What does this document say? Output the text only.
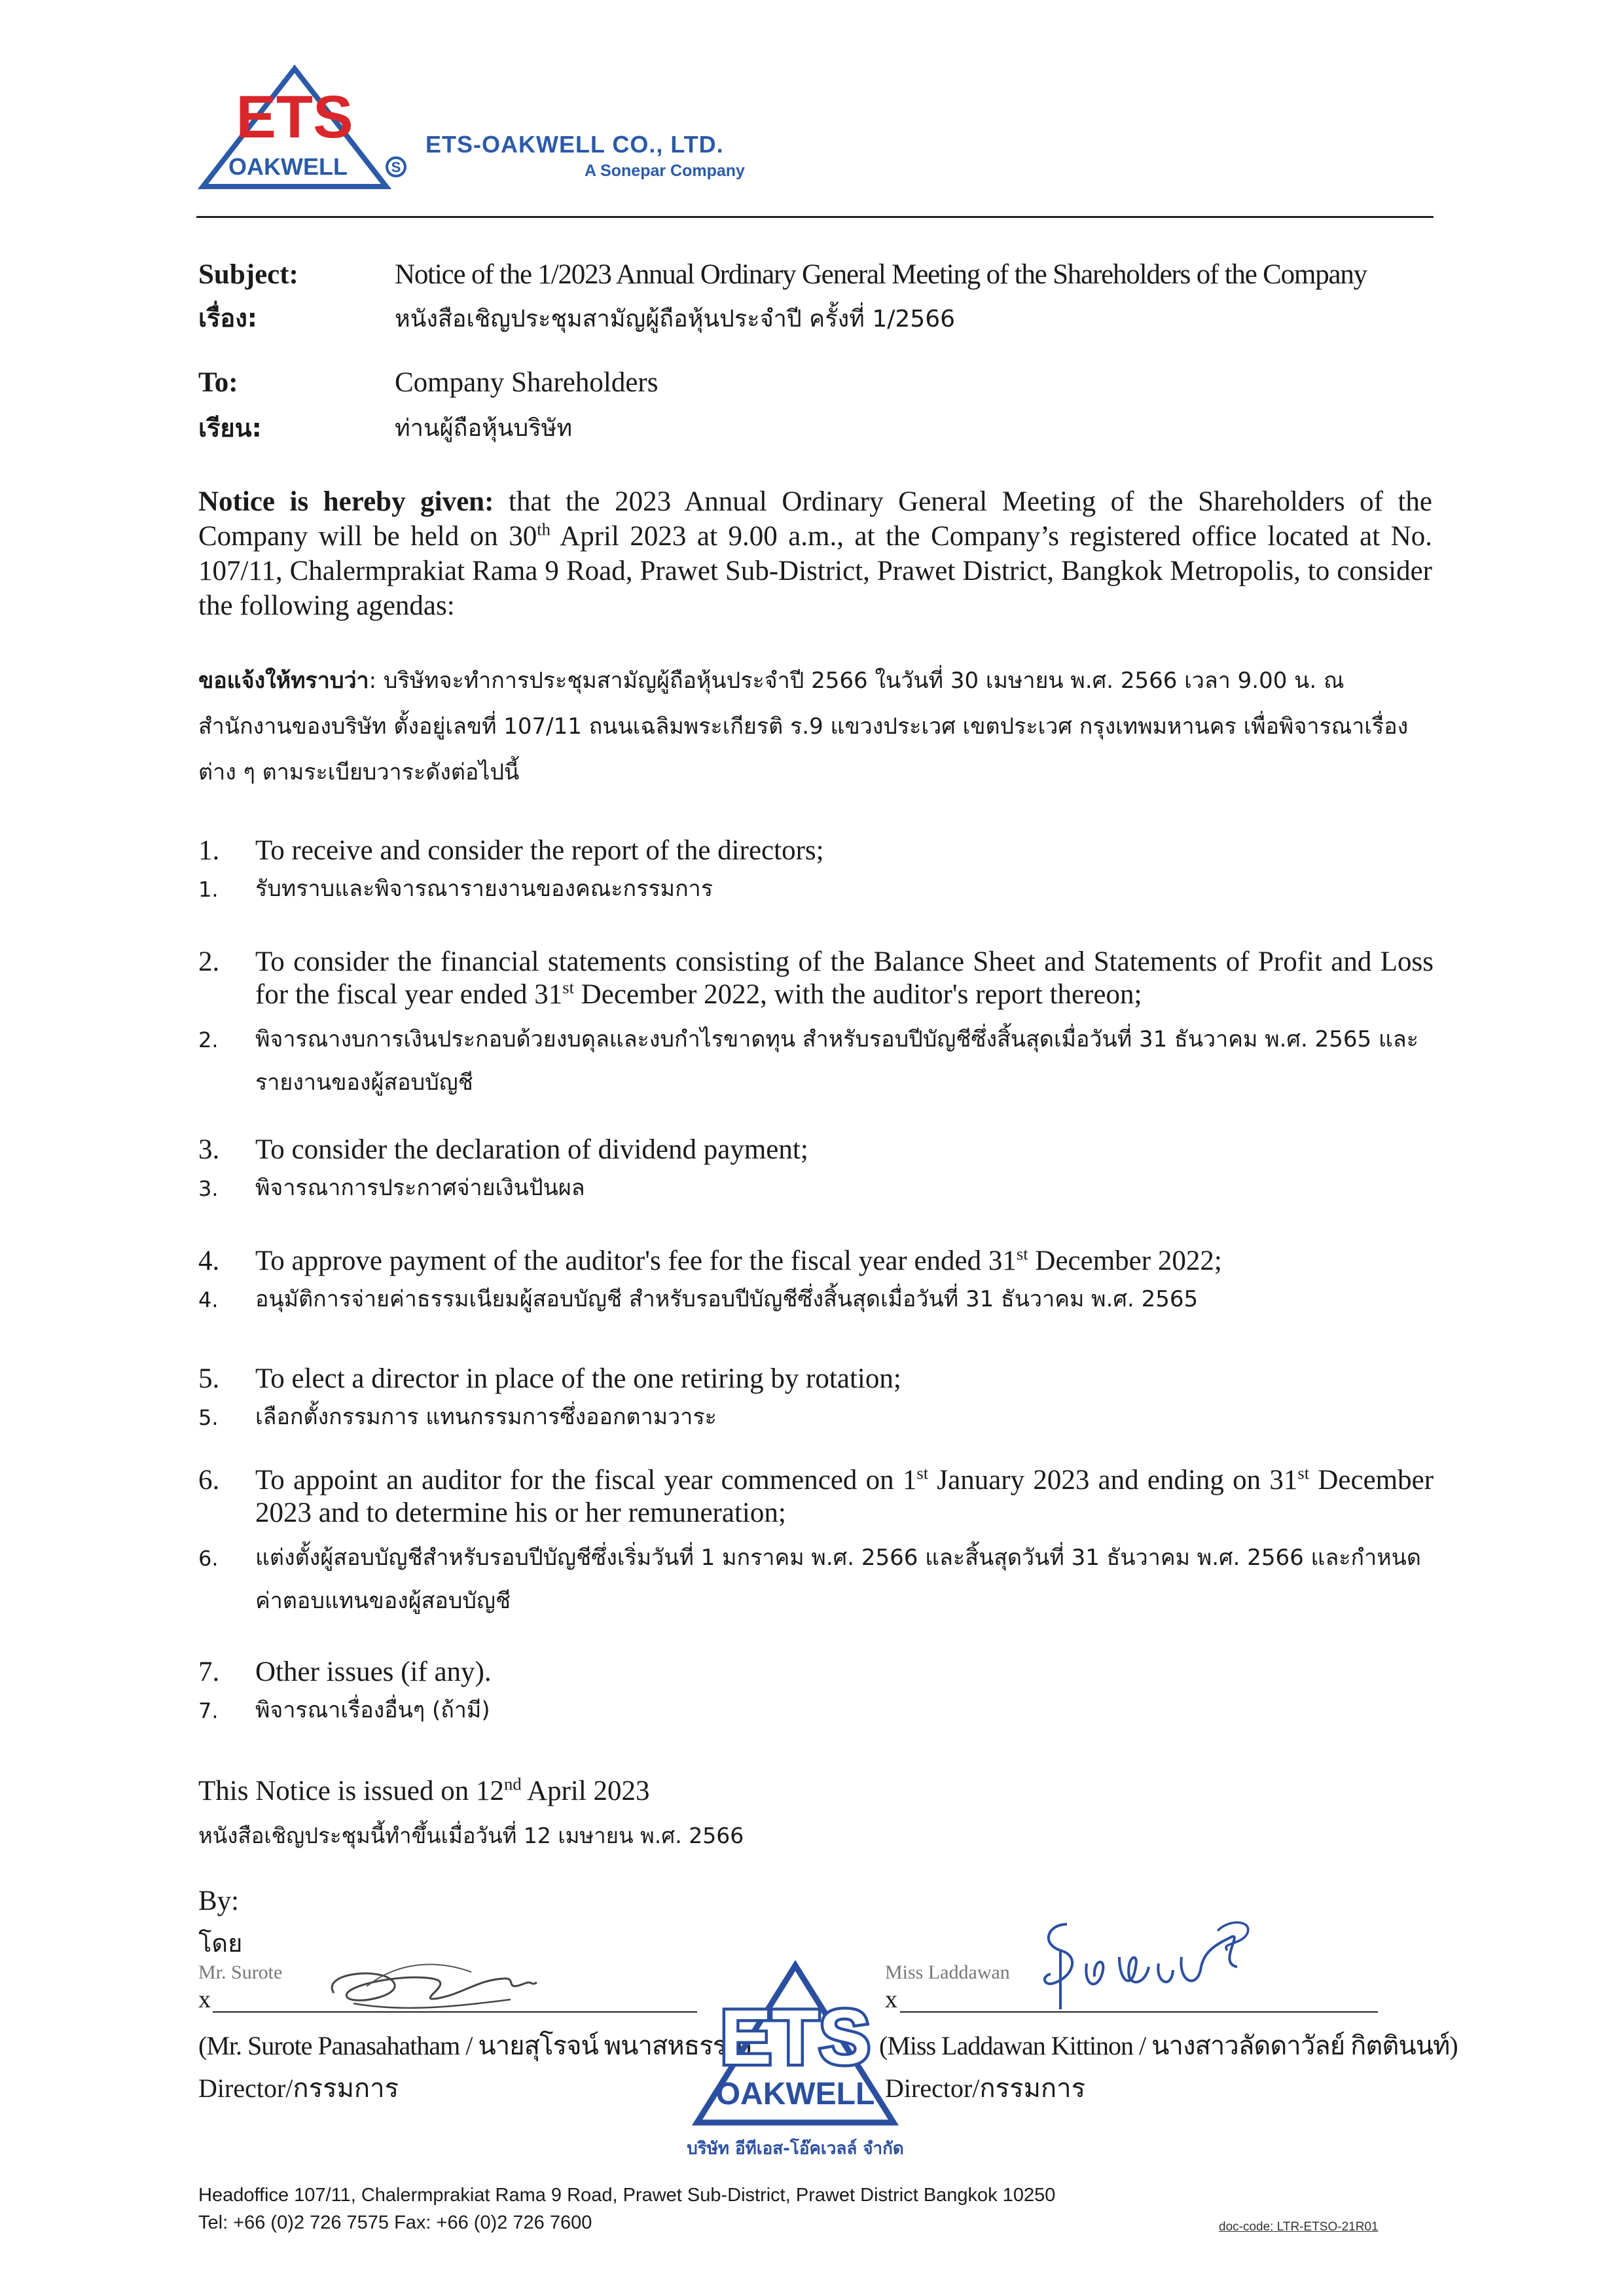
ETS
OAKWELL	S
ETS-OAKWELL CO., LTD.
A Sonepar Company
Subject:	Notice of the 1/2023 Annual Ordinary General Meeting of the Shareholders of the Company
เรื่อง:	หนังสือเชิญประชุมสามัญผู้ถือหุ้นประจำปี ครั้งที่ 1/2566
To:	Company Shareholders
เรียน:	ท่านผู้ถือหุ้นบริษัท
Notice is hereby given: that the 2023 Annual Ordinary General Meeting of the Shareholders of the Company will be held on 30th April 2023 at 9.00 a.m., at the Company’s registered office located at No. 107/11, Chalermprakiat Rama 9 Road, Prawet Sub-District, Prawet District, Bangkok Metropolis, to consider the following agendas:
ขอแจ้งให้ทราบว่า: บริษัทจะทำการประชุมสามัญผู้ถือหุ้นประจำปี 2566 ในวันที่ 30 เมษายน พ.ศ. 2566 เวลา 9.00 น. ณ สำนักงานของบริษัท ตั้งอยู่เลขที่ 107/11 ถนนเฉลิมพระเกียรติ ร.9 แขวงประเวศ เขตประเวศ กรุงเทพมหานคร เพื่อพิจารณาเรื่องต่าง ๆ ตามระเบียบวาระดังต่อไปนี้
1. To receive and consider the report of the directors;
1. รับทราบและพิจารณารายงานของคณะกรรมการ
2. To consider the financial statements consisting of the Balance Sheet and Statements of Profit and Loss for the fiscal year ended 31st December 2022, with the auditor's report thereon;
2. พิจารณางบการเงินประกอบด้วยงบดุลและงบกำไรขาดทุน สำหรับรอบปีบัญชีซึ่งสิ้นสุดเมื่อวันที่ 31 ธันวาคม พ.ศ. 2565 และรายงานของผู้สอบบัญชี
3. To consider the declaration of dividend payment;
3. พิจารณาการประกาศจ่ายเงินปันผล
4. To approve payment of the auditor's fee for the fiscal year ended 31st December 2022;
4. อนุมัติการจ่ายค่าธรรมเนียมผู้สอบบัญชี สำหรับรอบปีบัญชีซึ่งสิ้นสุดเมื่อวันที่ 31 ธันวาคม พ.ศ. 2565
5. To elect a director in place of the one retiring by rotation;
5. เลือกตั้งกรรมการ แทนกรรมการซึ่งออกตามวาระ
6. To appoint an auditor for the fiscal year commenced on 1st January 2023 and ending on 31st December 2023 and to determine his or her remuneration;
6. แต่งตั้งผู้สอบบัญชีสำหรับรอบปีบัญชีซึ่งเริ่มวันที่ 1 มกราคม พ.ศ. 2566 และสิ้นสุดวันที่ 31 ธันวาคม พ.ศ. 2566 และกำหนดค่าตอบแทนของผู้สอบบัญชี
7. Other issues (if any).
7. พิจารณาเรื่องอื่นๆ (ถ้ามี)
This Notice is issued on 12nd April 2023
หนังสือเชิญประชุมนี้ทำขึ้นเมื่อวันที่ 12 เมษายน พ.ศ. 2566
By:
โดย
Mr. Surote
x
(Mr. Surote Panasahatham / นายสุโรจน์ พนาสหธรรม)
Director/กรรมการ
ETS
OAKWELL
บริษัท อีทีเอส-โอ๊คเวลล์ จำกัด
Miss Laddawan
x
(Miss Laddawan Kittinon / นางสาวลัดดาวัลย์ กิตตินนท์)
Director/กรรมการ
Headoffice 107/11, Chalermprakiat Rama 9 Road, Prawet Sub-District, Prawet District Bangkok 10250
Tel: +66 (0)2 726 7575 Fax: +66 (0)2 726 7600	doc-code: LTR-ETSO-21R01
